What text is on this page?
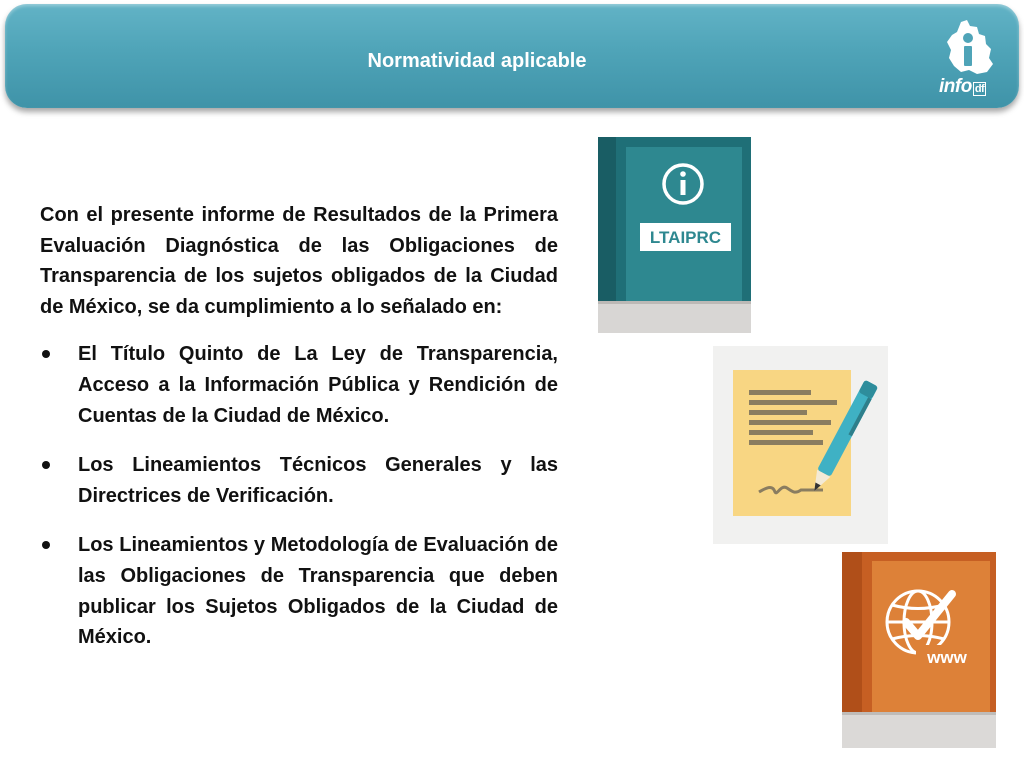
Normatividad aplicable
info df

Con el presente informe de Resultados de la Primera Evaluación Diagnóstica de las Obligaciones de Transparencia de los sujetos obligados de la Ciudad de México, se da cumplimiento a lo señalado en:

El Título Quinto de La Ley de Transparencia, Acceso a la Información Pública y Rendición de Cuentas de la Ciudad de México.
Los Lineamientos Técnicos Generales y las Directrices de Verificación.
Los Lineamientos y Metodología de Evaluación de las Obligaciones de Transparencia que deben publicar los Sujetos Obligados de la Ciudad de México.
LTAIPRC
www
